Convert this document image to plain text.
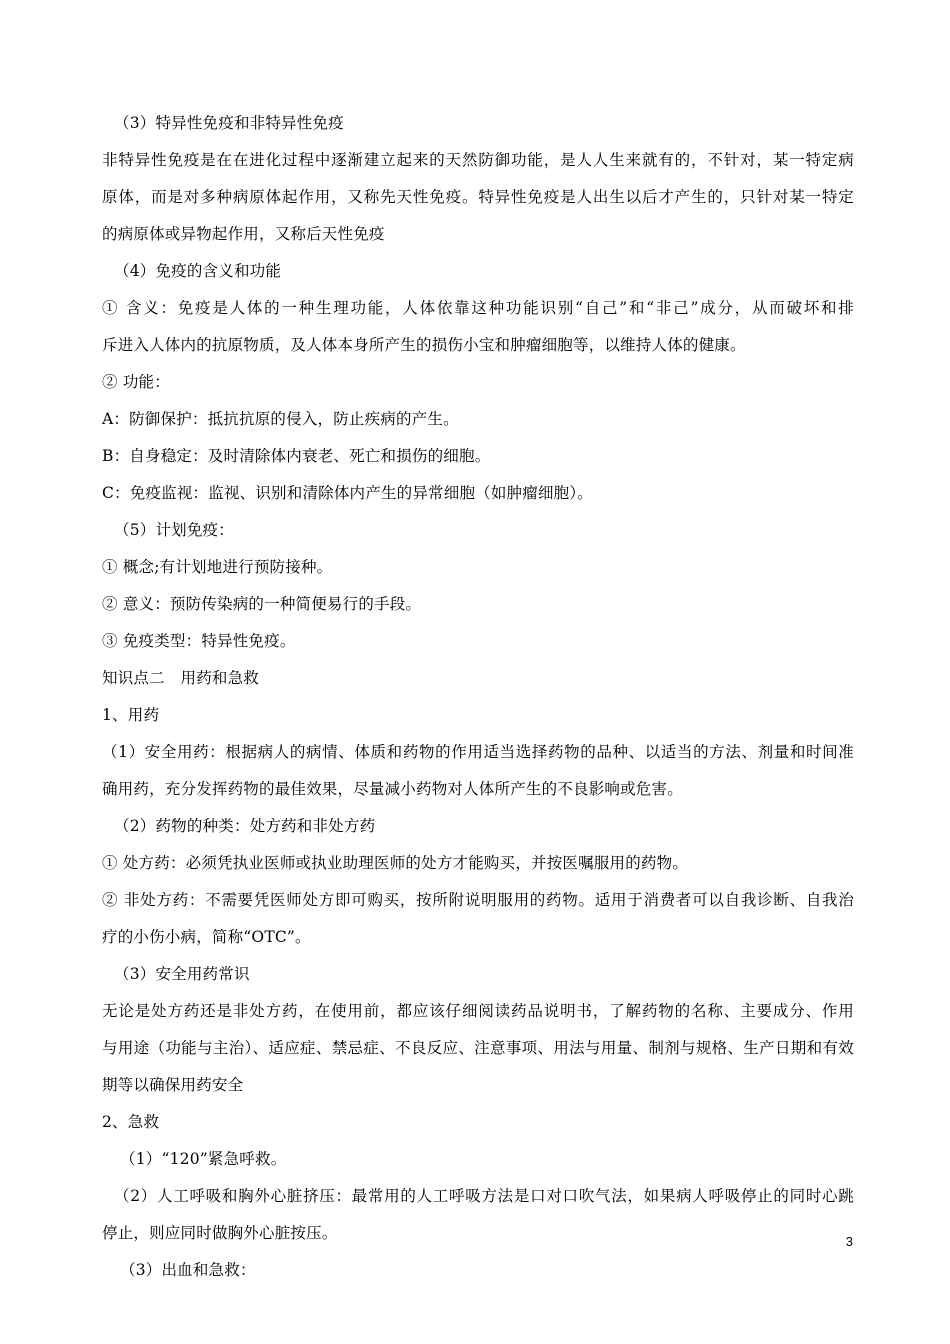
（3）特异性免疫和非特异性免疫
非特异性免疫是在在进化过程中逐渐建立起来的天然防御功能，是人人生来就有的，不针对，某一特定病
原体，而是对多种病原体起作用，又称先天性免疫。特异性免疫是人出生以后才产生的，只针对某一特定
的病原体或异物起作用，又称后天性免疫
（4）免疫的含义和功能
① 含义：免疫是人体的一种生理功能，人体依靠这种功能识别“自己”和“非己”成分，从而破坏和排
斥进入人体内的抗原物质，及人体本身所产生的损伤小宝和肿瘤细胞等，以维持人体的健康。
② 功能：
A：防御保护：抵抗抗原的侵入，防止疾病的产生。
B：自身稳定：及时清除体内衰老、死亡和损伤的细胞。
C：免疫监视：监视、识别和清除体内产生的异常细胞（如肿瘤细胞）。
（5）计划免疫：
① 概念;有计划地进行预防接种。
② 意义：预防传染病的一种简便易行的手段。
③ 免疫类型：特异性免疫。
知识点二　用药和急救
1、用药
（1）安全用药：根据病人的病情、体质和药物的作用适当选择药物的品种、以适当的方法、剂量和时间准
确用药，充分发挥药物的最佳效果，尽量减小药物对人体所产生的不良影响或危害。
（2）药物的种类：处方药和非处方药
① 处方药：必须凭执业医师或执业助理医师的处方才能购买，并按医嘱服用的药物。
② 非处方药：不需要凭医师处方即可购买，按所附说明服用的药物。适用于消费者可以自我诊断、自我治
疗的小伤小病，简称“OTC”。
（3）安全用药常识
无论是处方药还是非处方药，在使用前，都应该仔细阅读药品说明书，了解药物的名称、主要成分、作用
与用途（功能与主治）、适应症、禁忌症、不良反应、注意事项、用法与用量、制剂与规格、生产日期和有效
期等以确保用药安全
2、急救
（1）“120”紧急呼救。
（2）人工呼吸和胸外心脏挤压：最常用的人工呼吸方法是口对口吹气法，如果病人呼吸停止的同时心跳
停止，则应同时做胸外心脏按压。
（3）出血和急救：
3
